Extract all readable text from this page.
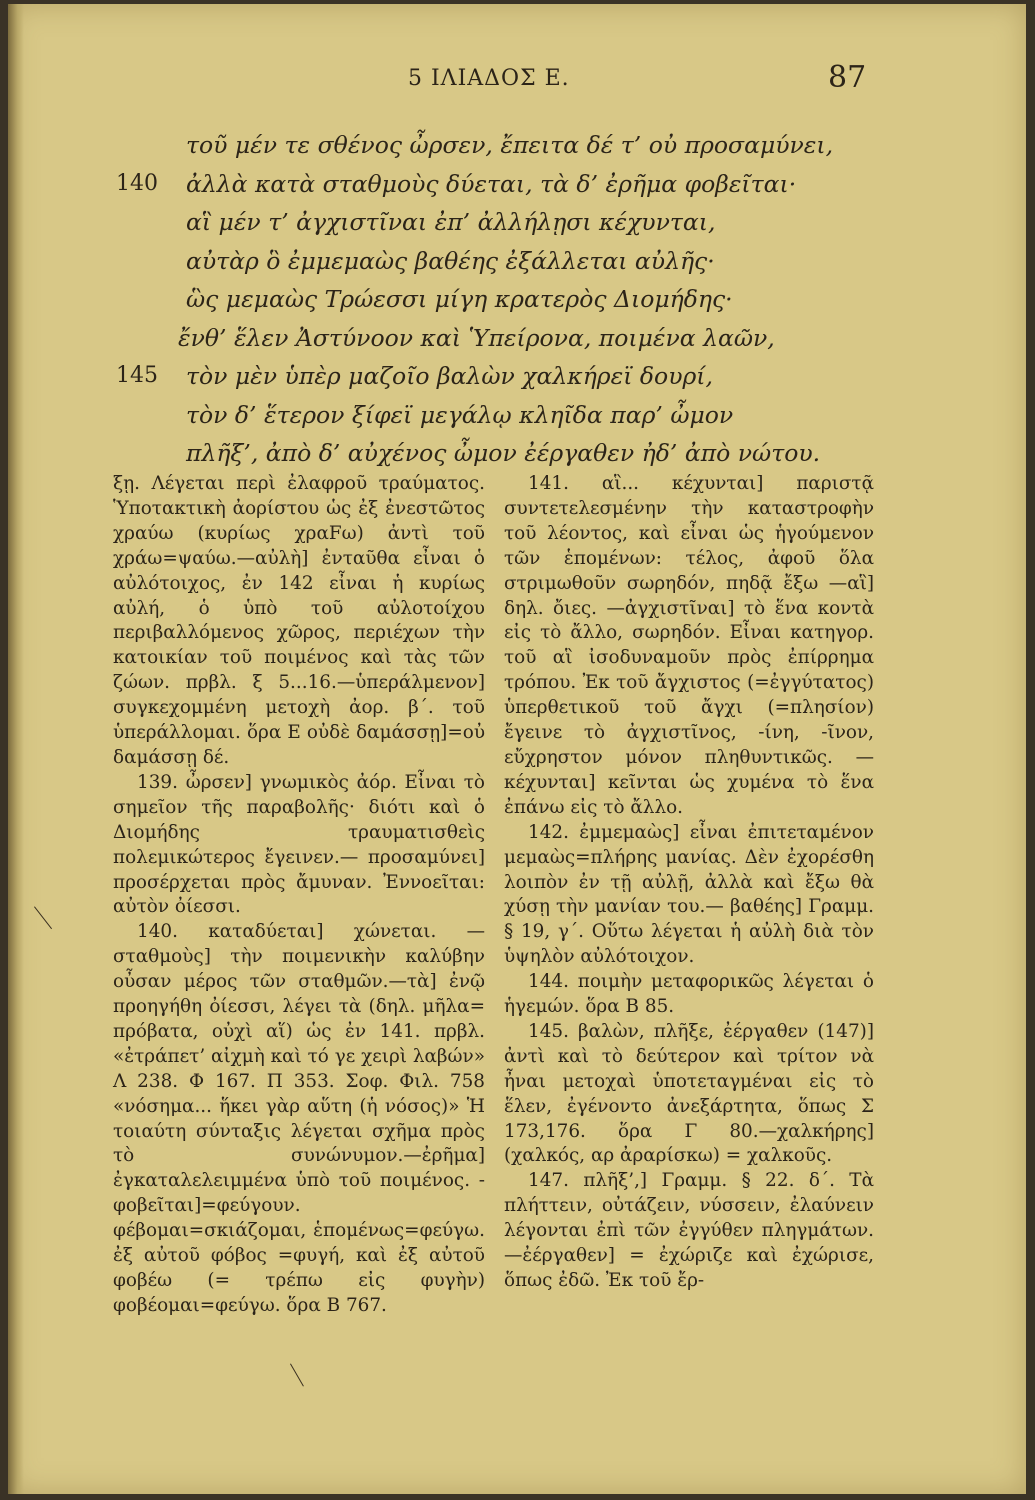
5 ΙΛΙΑΔΟΣ Ε.	87
τοῦ μέν τε σθένος ὦρσεν, ἔπειτα δέ τ’ οὐ προσαμύνει,
140 ἀλλὰ κατὰ σταθμοὺς δύεται, τὰ δ’ ἐρῆμα φοβεῖται·
αἳ μέν τ’ ἀγχιστῖναι ἐπ’ ἀλλήλῃσι κέχυνται,
αὐτὰρ ὃ ἐμμεμαὼς βαθέης ἐξάλλεται αὐλῆς·
ὣς μεμαὼς Τρώεσσι μίγη κρατερὸς Διομήδης·
ἔνθ’ ἕλεν Ἀστύνοον καὶ Ὑπείρονα, ποιμένα λαῶν,
145 τὸν μὲν ὑπὲρ μαζοῖο βαλὼν χαλκήρεϊ δουρί,
τὸν δ’ ἕτερον ξίφεϊ μεγάλῳ κληῖδα παρ’ ὦμον
πλῆξ’, ἀπὸ δ’ αὐχένος ὦμον ἐέργαθεν ἠδ’ ἀπὸ νώτου.

ξῃ. Λέγεται περὶ ἐλαφροῦ τραύματος. Ὑποτακτικὴ ἀορίστου ὡς ἐξ ἐνεστῶτος χραύω (κυρίως χραFω) ἀντὶ τοῦ χράω=ψαύω.—αὐλὴ] ἐνταῦθα εἶναι ὁ αὐλότοιχος, ἐν 142 εἶναι ἡ κυρίως αὐλή, ὁ ὑπὸ τοῦ αὐλοτοίχου περιβαλλόμενος χῶρος, περιέχων τὴν κατοικίαν τοῦ ποιμένος καὶ τὰς τῶν ζώων. πρβλ. ξ 5...16.—ὑπεράλμενον] συγκεχομμένη μετοχὴ ἀορ. β΄. τοῦ ὑπεράλλομαι. ὅρα Ε οὐδὲ δαμάσσῃ]=οὐ δαμάσσῃ δέ.

139. ὦρσεν] γνωμικὸς ἀόρ. Εἶναι τὸ σημεῖον τῆς παραβολῆς· διότι καὶ ὁ Διομήδης τραυματισθεὶς πολεμικώτερος ἔγεινεν.— προσαμύνει] προσέρχεται πρὸς ἄμυναν. Ἐννοεῖται: αὐτὸν ὀίεσσι.

140. καταδύεται] χώνεται. — σταθμοὺς] τὴν ποιμενικὴν καλύβην οὖσαν μέρος τῶν σταθμῶν.—τὰ] ἐνῷ προηγήθη ὀίεσσι, λέγει τὰ (δηλ. μῆλα= πρόβατα, οὐχὶ αἵ) ὡς ἐν 141. πρβλ. «ἐτράπετ’ αἰχμὴ καὶ τό γε χειρὶ λαβών» Λ 238. Φ 167. Π 353. Σοφ. Φιλ. 758 «νόσημα... ἥκει γὰρ αὕτη (ἡ νόσος)» Ἡ τοιαύτη σύνταξις λέγεται σχῆμα πρὸς τὸ συνώνυμον.—ἐρῆμα] ἐγκαταλελειμμένα ὑπὸ τοῦ ποιμένος. - φοβεῖται]=φεύγουν. φέβομαι=σκιάζομαι, ἑπομένως=φεύγω. ἐξ αὐτοῦ φόβος =φυγή, καὶ ἐξ αὐτοῦ φοβέω (= τρέπω εἰς φυγὴν) φοβέομαι=φεύγω. ὅρα Β 767.

141. αἳ... κέχυνται] παριστᾷ συντετελεσμένην τὴν καταστροφὴν τοῦ λέοντος, καὶ εἶναι ὡς ἡγούμενον τῶν ἑπομένων: τέλος, ἀφοῦ ὅλα στριμωθοῦν σωρηδόν, πηδᾷ ἔξω —αἳ] δηλ. ὄιες. —ἀγχιστῖναι] τὸ ἕνα κοντὰ εἰς τὸ ἄλλο, σωρηδόν. Εἶναι κατηγορ. τοῦ αἳ ἰσοδυναμοῦν πρὸς ἐπίρρημα τρόπου. Ἐκ τοῦ ἄγχιστος (=ἐγγύτατος) ὑπερθετικοῦ τοῦ ἄγχι (=πλησίον) ἔγεινε τὸ ἀγχιστῖνος, -ίνη, -ῖνον, εὔχρηστον μόνον πληθυντικῶς. — κέχυνται] κεῖνται ὡς χυμένα τὸ ἕνα ἐπάνω εἰς τὸ ἄλλο.

142. ἐμμεμαὼς] εἶναι ἐπιτεταμένον μεμαὼς=πλήρης μανίας. Δὲν ἐχορέσθη λοιπὸν ἐν τῇ αὐλῇ, ἀλλὰ καὶ ἔξω θὰ χύσῃ τὴν μανίαν του.— βαθέης] Γραμμ. § 19, γ΄. Οὕτω λέγεται ἡ αὐλὴ διὰ τὸν ὑψηλὸν αὐλότοιχον.

144. ποιμὴν μεταφορικῶς λέγεται ὁ ἡγεμών. ὅρα Β 85.

145. βαλὼν, πλῆξε, ἐέργαθεν (147)] ἀντὶ καὶ τὸ δεύτερον καὶ τρίτον νὰ ἦναι μετοχαὶ ὑποτεταγμέναι εἰς τὸ ἕλεν, ἐγένοντο ἀνεξάρτητα, ὅπως Σ 173,176. ὅρα Γ 80.—χαλκήρης] (χαλκός, αρ ἀραρίσκω) = χαλκοῦς.

147. πλῆξ’,] Γραμμ. § 22. δ΄. Τὰ πλήττειν, οὐτάζειν, νύσσειν, ἐλαύνειν λέγονται ἐπὶ τῶν ἐγγύθεν πληγμάτων.—ἐέργαθεν] = ἐχώριζε καὶ ἐχώρισε, ὅπως ἐδῶ. Ἐκ τοῦ ἔρ-
